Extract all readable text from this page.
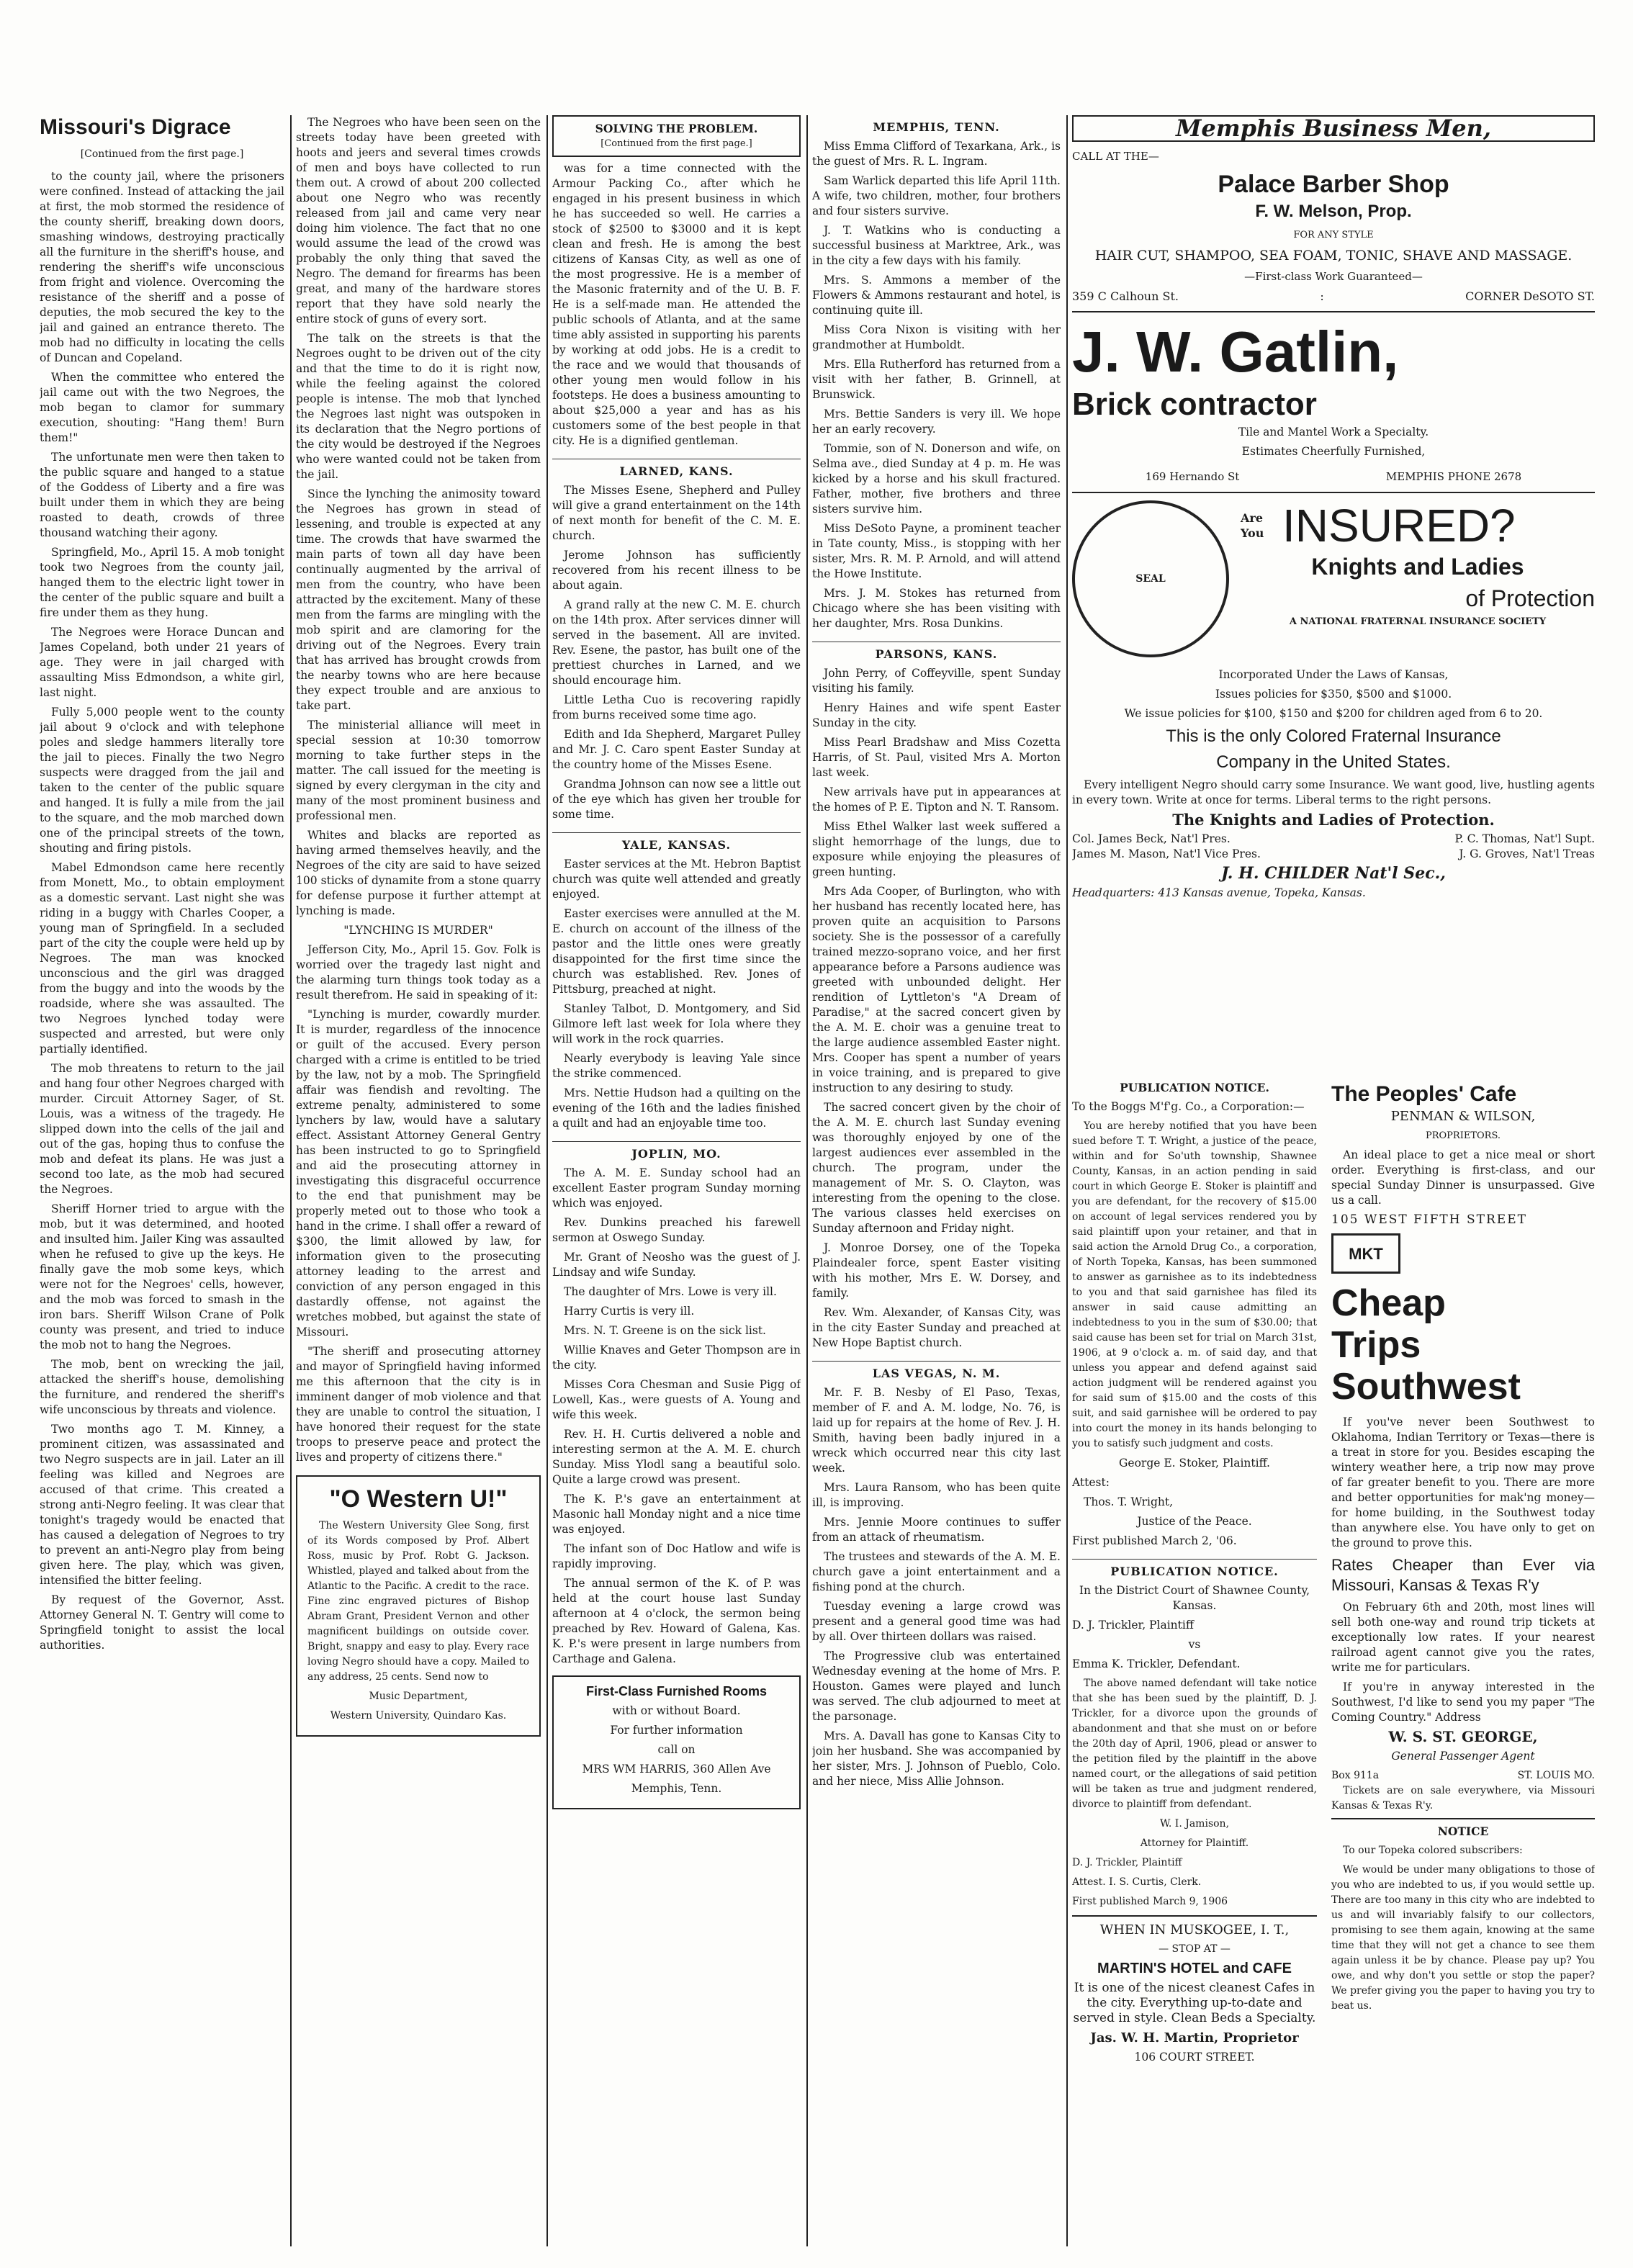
Missouri's Digrace

[Continued from the first page.]

to the county jail, where the prisoners were confined. Instead of attacking the jail at first, the mob stormed the residence of the county sheriff, breaking down doors, smashing windows, destroying practically all the furniture in the sheriff's house, and rendering the sheriff's wife unconscious from fright and violence. Overcoming the resistance of the sheriff and a posse of deputies, the mob secured the key to the jail and gained an entrance thereto. The mob had no difficulty in locating the cells of Duncan and Copeland.

When the committee who entered the jail came out with the two Negroes, the mob began to clamor for summary execution, shouting: "Hang them! Burn them!"

The unfortunate men were then taken to the public square and hanged to a statue of the Goddess of Liberty and a fire was built under them in which they are being roasted to death, crowds of three thousand watching their agony.

Springfield, Mo., April 15. A mob tonight took two Negroes from the county jail, hanged them to the electric light tower in the center of the public square and built a fire under them as they hung.

The Negroes were Horace Duncan and James Copeland, both under 21 years of age. They were in jail charged with assaulting Miss Edmondson, a white girl, last night.

Fully 5,000 people went to the county jail about 9 o'clock and with telephone poles and sledge hammers literally tore the jail to pieces. Finally the two Negro suspects were dragged from the jail and taken to the center of the public square and hanged. It is fully a mile from the jail to the square, and the mob marched down one of the principal streets of the town, shouting and firing pistols.

Mabel Edmondson came here recently from Monett, Mo., to obtain employment as a domestic servant. Last night she was riding in a buggy with Charles Cooper, a young man of Springfield. In a secluded part of the city the couple were held up by Negroes. The man was knocked unconscious and the girl was dragged from the buggy and into the woods by the roadside, where she was assaulted. The two Negroes lynched today were suspected and arrested, but were only partially identified.

The mob threatens to return to the jail and hang four other Negroes charged with murder. Circuit Attorney Sager, of St. Louis, was a witness of the tragedy. He slipped down into the cells of the jail and out of the gas, hoping thus to confuse the mob and defeat its plans. He was just a second too late, as the mob had secured the Negroes.

Sheriff Horner tried to argue with the mob, but it was determined, and hooted and insulted him. Jailer King was assaulted when he refused to give up the keys. He finally gave the mob some keys, which were not for the Negroes' cells, however, and the mob was forced to smash in the iron bars. Sheriff Wilson Crane of Polk county was present, and tried to induce the mob not to hang the Negroes.

The mob, bent on wrecking the jail, attacked the sheriff's house, demolishing the furniture, and rendered the sheriff's wife unconscious by threats and violence.

Two months ago T. M. Kinney, a prominent citizen, was assassinated and two Negro suspects are in jail. Later an ill feeling was killed and Negroes are accused of that crime. This created a strong anti-Negro feeling. It was clear that tonight's tragedy would be enacted that has caused a delegation of Negroes to try to prevent an anti-Negro play from being given here. The play, which was given, intensified the bitter feeling.

By request of the Governor, Asst. Attorney General N. T. Gentry will come to Springfield tonight to assist the local authorities.

The Negroes who have been seen on the streets today have been greeted with hoots and jeers and several times crowds of men and boys have collected to run them out. A crowd of about 200 collected about one Negro who was recently released from jail and came very near doing him violence. The fact that no one would assume the lead of the crowd was probably the only thing that saved the Negro. The demand for firearms has been great, and many of the hardware stores report that they have sold nearly the entire stock of guns of every sort.

The talk on the streets is that the Negroes ought to be driven out of the city and that the time to do it is right now, while the feeling against the colored people is intense. The mob that lynched the Negroes last night was outspoken in its declaration that the Negro portions of the city would be destroyed if the Negroes who were wanted could not be taken from the jail.

Since the lynching the animosity toward the Negroes has grown in stead of lessening, and trouble is expected at any time. The crowds that have swarmed the main parts of town all day have been continually augmented by the arrival of men from the country, who have been attracted by the excitement. Many of these men from the farms are mingling with the mob spirit and are clamoring for the driving out of the Negroes. Every train that has arrived has brought crowds from the nearby towns who are here because they expect trouble and are anxious to take part.

The ministerial alliance will meet in special session at 10:30 tomorrow morning to take further steps in the matter. The call issued for the meeting is signed by every clergyman in the city and many of the most prominent business and professional men.

Whites and blacks are reported as having armed themselves heavily, and the Negroes of the city are said to have seized 100 sticks of dynamite from a stone quarry for defense purpose it further attempt at lynching is made.

"LYNCHING IS MURDER"

Jefferson City, Mo., April 15. Gov. Folk is worried over the tragedy last night and the alarming turn things took today as a result therefrom. He said in speaking of it:

"Lynching is murder, cowardly murder. It is murder, regardless of the innocence or guilt of the accused. Every person charged with a crime is entitled to be tried by the law, not by a mob. The Springfield affair was fiendish and revolting. The extreme penalty, administered to some lynchers by law, would have a salutary effect. Assistant Attorney General Gentry has been instructed to go to Springfield and aid the prosecuting attorney in investigating this disgraceful occurrence to the end that punishment may be properly meted out to those who took a hand in the crime. I shall offer a reward of $300, the limit allowed by law, for information given to the prosecuting attorney leading to the arrest and conviction of any person engaged in this dastardly offense, not against the wretches mobbed, but against the state of Missouri.

"The sheriff and prosecuting attorney and mayor of Springfield having informed me this afternoon that the city is in imminent danger of mob violence and that they are unable to control the situation, I have honored their request for the state troops to preserve peace and protect the lives and property of citizens there."

"O Western U!"

The Western University Glee Song, first of its Words composed by Prof. Albert Ross, music by Prof. Robt G. Jackson. Whistled, played and talked about from the Atlantic to the Pacific. A credit to the race. Fine zinc engraved pictures of Bishop Abram Grant, President Vernon and other magnificent buildings on outside cover. Bright, snappy and easy to play. Every race loving Negro should have a copy. Mailed to any address, 25 cents. Send now to

Music Department,

Western University, Quindaro Kas.

SOLVING THE PROBLEM.

[Continued from the first page.]

was for a time connected with the Armour Packing Co., after which he engaged in his present business in which he has succeeded so well. He carries a stock of $2500 to $3000 and it is kept clean and fresh. He is among the best citizens of Kansas City, as well as one of the most progressive. He is a member of the Masonic fraternity and of the U. B. F. He is a self-made man. He attended the public schools of Atlanta, and at the same time ably assisted in supporting his parents by working at odd jobs. He is a credit to the race and we would that thousands of other young men would follow in his footsteps. He does a business amounting to about $25,000 a year and has as his customers some of the best people in that city. He is a dignified gentleman.

LARNED, KANS.

The Misses Esene, Shepherd and Pulley will give a grand entertainment on the 14th of next month for benefit of the C. M. E. church.

Jerome Johnson has sufficiently recovered from his recent illness to be about again.

A grand rally at the new C. M. E. church on the 14th prox. After services dinner will served in the basement. All are invited. Rev. Esene, the pastor, has built one of the prettiest churches in Larned, and we should encourage him.

Little Letha Cuo is recovering rapidly from burns received some time ago.

Edith and Ida Shepherd, Margaret Pulley and Mr. J. C. Caro spent Easter Sunday at the country home of the Misses Esene.

Grandma Johnson can now see a little out of the eye which has given her trouble for some time.

YALE, KANSAS.

Easter services at the Mt. Hebron Baptist church was quite well attended and greatly enjoyed.

Easter exercises were annulled at the M. E. church on account of the illness of the pastor and the little ones were greatly disappointed for the first time since the church was established. Rev. Jones of Pittsburg, preached at night.

Stanley Talbot, D. Montgomery, and Sid Gilmore left last week for Iola where they will work in the rock quarries.

Nearly everybody is leaving Yale since the strike commenced.

Mrs. Nettie Hudson had a quilting on the evening of the 16th and the ladies finished a quilt and had an enjoyable time too.

JOPLIN, MO.

The A. M. E. Sunday school had an excellent Easter program Sunday morning which was enjoyed.

Rev. Dunkins preached his farewell sermon at Oswego Sunday.

Mr. Grant of Neosho was the guest of J. Lindsay and wife Sunday.

The daughter of Mrs. Lowe is very ill.

Harry Curtis is very ill.

Mrs. N. T. Greene is on the sick list.

Willie Knaves and Geter Thompson are in the city.

Misses Cora Chesman and Susie Pigg of Lowell, Kas., were guests of A. Young and wife this week.

Rev. H. H. Curtis delivered a noble and interesting sermon at the A. M. E. church Sunday. Miss Ylodl sang a beautiful solo. Quite a large crowd was present.

The K. P.'s gave an entertainment at Masonic hall Monday night and a nice time was enjoyed.

The infant son of Doc Hatlow and wife is rapidly improving.

The annual sermon of the K. of P. was held at the court house last Sunday afternoon at 4 o'clock, the sermon being preached by Rev. Howard of Galena, Kas. K. P.'s were present in large numbers from Carthage and Galena.

First-Class Furnished Rooms

with or without Board.

For further information

call on

MRS WM HARRIS, 360 Allen Ave

Memphis, Tenn.

MEMPHIS, TENN.

Miss Emma Clifford of Texarkana, Ark., is the guest of Mrs. R. L. Ingram.

Sam Warlick departed this life April 11th. A wife, two children, mother, four brothers and four sisters survive.

J. T. Watkins who is conducting a successful business at Marktree, Ark., was in the city a few days with his family.

Mrs. S. Ammons a member of the Flowers & Ammons restaurant and hotel, is continuing quite ill.

Miss Cora Nixon is visiting with her grandmother at Humboldt.

Mrs. Ella Rutherford has returned from a visit with her father, B. Grinnell, at Brunswick.

Mrs. Bettie Sanders is very ill. We hope her an early recovery.

Tommie, son of N. Donerson and wife, on Selma ave., died Sunday at 4 p. m. He was kicked by a horse and his skull fractured. Father, mother, five brothers and three sisters survive him.

Miss DeSoto Payne, a prominent teacher in Tate county, Miss., is stopping with her sister, Mrs. R. M. P. Arnold, and will attend the Howe Institute.

Mrs. J. M. Stokes has returned from Chicago where she has been visiting with her daughter, Mrs. Rosa Dunkins.

PARSONS, KANS.

John Perry, of Coffeyville, spent Sunday visiting his family.

Henry Haines and wife spent Easter Sunday in the city.

Miss Pearl Bradshaw and Miss Cozetta Harris, of St. Paul, visited Mrs A. Morton last week.

New arrivals have put in appearances at the homes of P. E. Tipton and N. T. Ransom.

Miss Ethel Walker last week suffered a slight hemorrhage of the lungs, due to exposure while enjoying the pleasures of green hunting.

Mrs Ada Cooper, of Burlington, who with her husband has recently located here, has proven quite an acquisition to Parsons society. She is the possessor of a carefully trained mezzo-soprano voice, and her first appearance before a Parsons audience was greeted with unbounded delight. Her rendition of Lyttleton's "A Dream of Paradise," at the sacred concert given by the A. M. E. choir was a genuine treat to the large audience assembled Easter night. Mrs. Cooper has spent a number of years in voice training, and is prepared to give instruction to any desiring to study.

The sacred concert given by the choir of the A. M. E. church last Sunday evening was thoroughly enjoyed by one of the largest audiences ever assembled in the church. The program, under the management of Mr. S. O. Clayton, was interesting from the opening to the close. The various classes held exercises on Sunday afternoon and Friday night.

J. Monroe Dorsey, one of the Topeka Plaindealer force, spent Easter visiting with his mother, Mrs E. W. Dorsey, and family.

Rev. Wm. Alexander, of Kansas City, was in the city Easter Sunday and preached at New Hope Baptist church.

LAS VEGAS, N. M.

Mr. F. B. Nesby of El Paso, Texas, member of F. and A. M. lodge, No. 76, is laid up for repairs at the home of Rev. J. H. Smith, having been badly injured in a wreck which occurred near this city last week.

Mrs. Laura Ransom, who has been quite ill, is improving.

Mrs. Jennie Moore continues to suffer from an attack of rheumatism.

The trustees and stewards of the A. M. E. church gave a joint entertainment and a fishing pond at the church.

Tuesday evening a large crowd was present and a general good time was had by all. Over thirteen dollars was raised.

The Progressive club was entertained Wednesday evening at the home of Mrs. P. Houston. Games were played and lunch was served. The club adjourned to meet at the parsonage.

Mrs. A. Davall has gone to Kansas City to join her husband. She was accompanied by her sister, Mrs. J. Johnson of Pueblo, Colo. and her niece, Miss Allie Johnson.

Memphis Business Men,

CALL AT THE—

Palace Barber Shop
F. W. Melson, Prop.

FOR ANY STYLE

HAIR CUT, SHAMPOO, SEA FOAM, TONIC, SHAVE AND MASSAGE.

—First-class Work Guaranteed—

359 C Calhoun St.	:	CORNER DeSOTO ST.
J. W. Gatlin,
Brick contractor

Tile and Mantel Work a Specialty.

Estimates Cheerfully Furnished,

169 Hernando St	MEMPHIS PHONE 2678
SEAL
Are You INSURED?
Knights and Ladies
of Protection
A NATIONAL FRATERNAL INSURANCE SOCIETY

Incorporated Under the Laws of Kansas,

Issues policies for $350, $500 and $1000.

We issue policies for $100, $150 and $200 for children aged from 6 to 20.

This is the only Colored Fraternal Insurance

Company in the United States.

Every intelligent Negro should carry some Insurance. We want good, live, hustling agents in every town. Write at once for terms. Liberal terms to the right persons.

The Knights and Ladies of Protection.

Col. James Beck, Nat'l Pres.	P. C. Thomas, Nat'l Supt.
James M. Mason, Nat'l Vice Pres.	J. G. Groves, Nat'l Treas

J. H. CHILDER Nat'l Sec.,

Headquarters: 413 Kansas avenue, Topeka, Kansas.

PUBLICATION NOTICE.

To the Boggs M'f'g. Co., a Corporation:—

You are hereby notified that you have been sued before T. T. Wright, a justice of the peace, within and for So'uth township, Shawnee County, Kansas, in an action pending in said court in which George E. Stoker is plaintiff and you are defendant, for the recovery of $15.00 on account of legal services rendered you by said plaintiff upon your retainer, and that in said action the Arnold Drug Co., a corporation, of North Topeka, Kansas, has been summoned to answer as garnishee as to its indebtedness to you and that said garnishee has filed its answer in said cause admitting an indebtedness to you in the sum of $30.00; that said cause has been set for trial on March 31st, 1906, at 9 o'clock a. m. of said day, and that unless you appear and defend against said action judgment will be rendered against you for said sum of $15.00 and the costs of this suit, and said garnishee will be ordered to pay into court the money in its hands belonging to you to satisfy such judgment and costs.

George E. Stoker, Plaintiff.

Attest:

Thos. T. Wright,

Justice of the Peace.

First published March 2, '06.

PUBLICATION NOTICE.

In the District Court of Shawnee County, Kansas.

D. J. Trickler, Plaintiff

vs

Emma K. Trickler, Defendant.

The above named defendant will take notice that she has been sued by the plaintiff, D. J. Trickler, for a divorce upon the grounds of abandonment and that she must on or before the 20th day of April, 1906, plead or answer to the petition filed by the plaintiff in the above named court, or the allegations of said petition will be taken as true and judgment rendered, divorce to plaintiff from defendant.

W. I. Jamison,

Attorney for Plaintiff.

D. J. Trickler, Plaintiff

Attest. I. S. Curtis, Clerk.

First published March 9, 1906

WHEN IN MUSKOGEE, I. T.,

— STOP AT —

MARTIN'S HOTEL and CAFE

It is one of the nicest cleanest Cafes in the city. Everything up-to-date and served in style. Clean Beds a Specialty.

Jas. W. H. Martin, Proprietor

106 COURT STREET.

The Peoples' Cafe

PENMAN & WILSON,

PROPRIETORS.

An ideal place to get a nice meal or short order. Everything is first-class, and our special Sunday Dinner is unsurpassed. Give us a call.

105 WEST FIFTH STREET

MKT
Cheap
Trips
Southwest

If you've never been Southwest to Oklahoma, Indian Territory or Texas—there is a treat in store for you. Besides escaping the wintery weather here, a trip now may prove of far greater benefit to you. There are more and better opportunities for mak'ng money—for home building, in the Southwest today than anywhere else. You have only to get on the ground to prove this.

Rates Cheaper than Ever via Missouri, Kansas & Texas R'y

On February 6th and 20th, most lines will sell both one-way and round trip tickets at exceptionally low rates. If your nearest railroad agent cannot give you the rates, write me for particulars.

If you're in anyway interested in the Southwest, I'd like to send you my paper "The Coming Country." Address

W. S. ST. GEORGE,

General Passenger Agent

Box 911a	ST. LOUIS MO.

Tickets are on sale everywhere, via Missouri Kansas & Texas R'y.

NOTICE

To our Topeka colored subscribers:

We would be under many obligations to those of you who are indebted to us, if you would settle up. There are too many in this city who are indebted to us and will invariably falsify to our collectors, promising to see them again, knowing at the same time that they will not get a chance to see them again unless it be by chance. Please pay up? You owe, and why don't you settle or stop the paper? We prefer giving you the paper to having you try to beat us.
